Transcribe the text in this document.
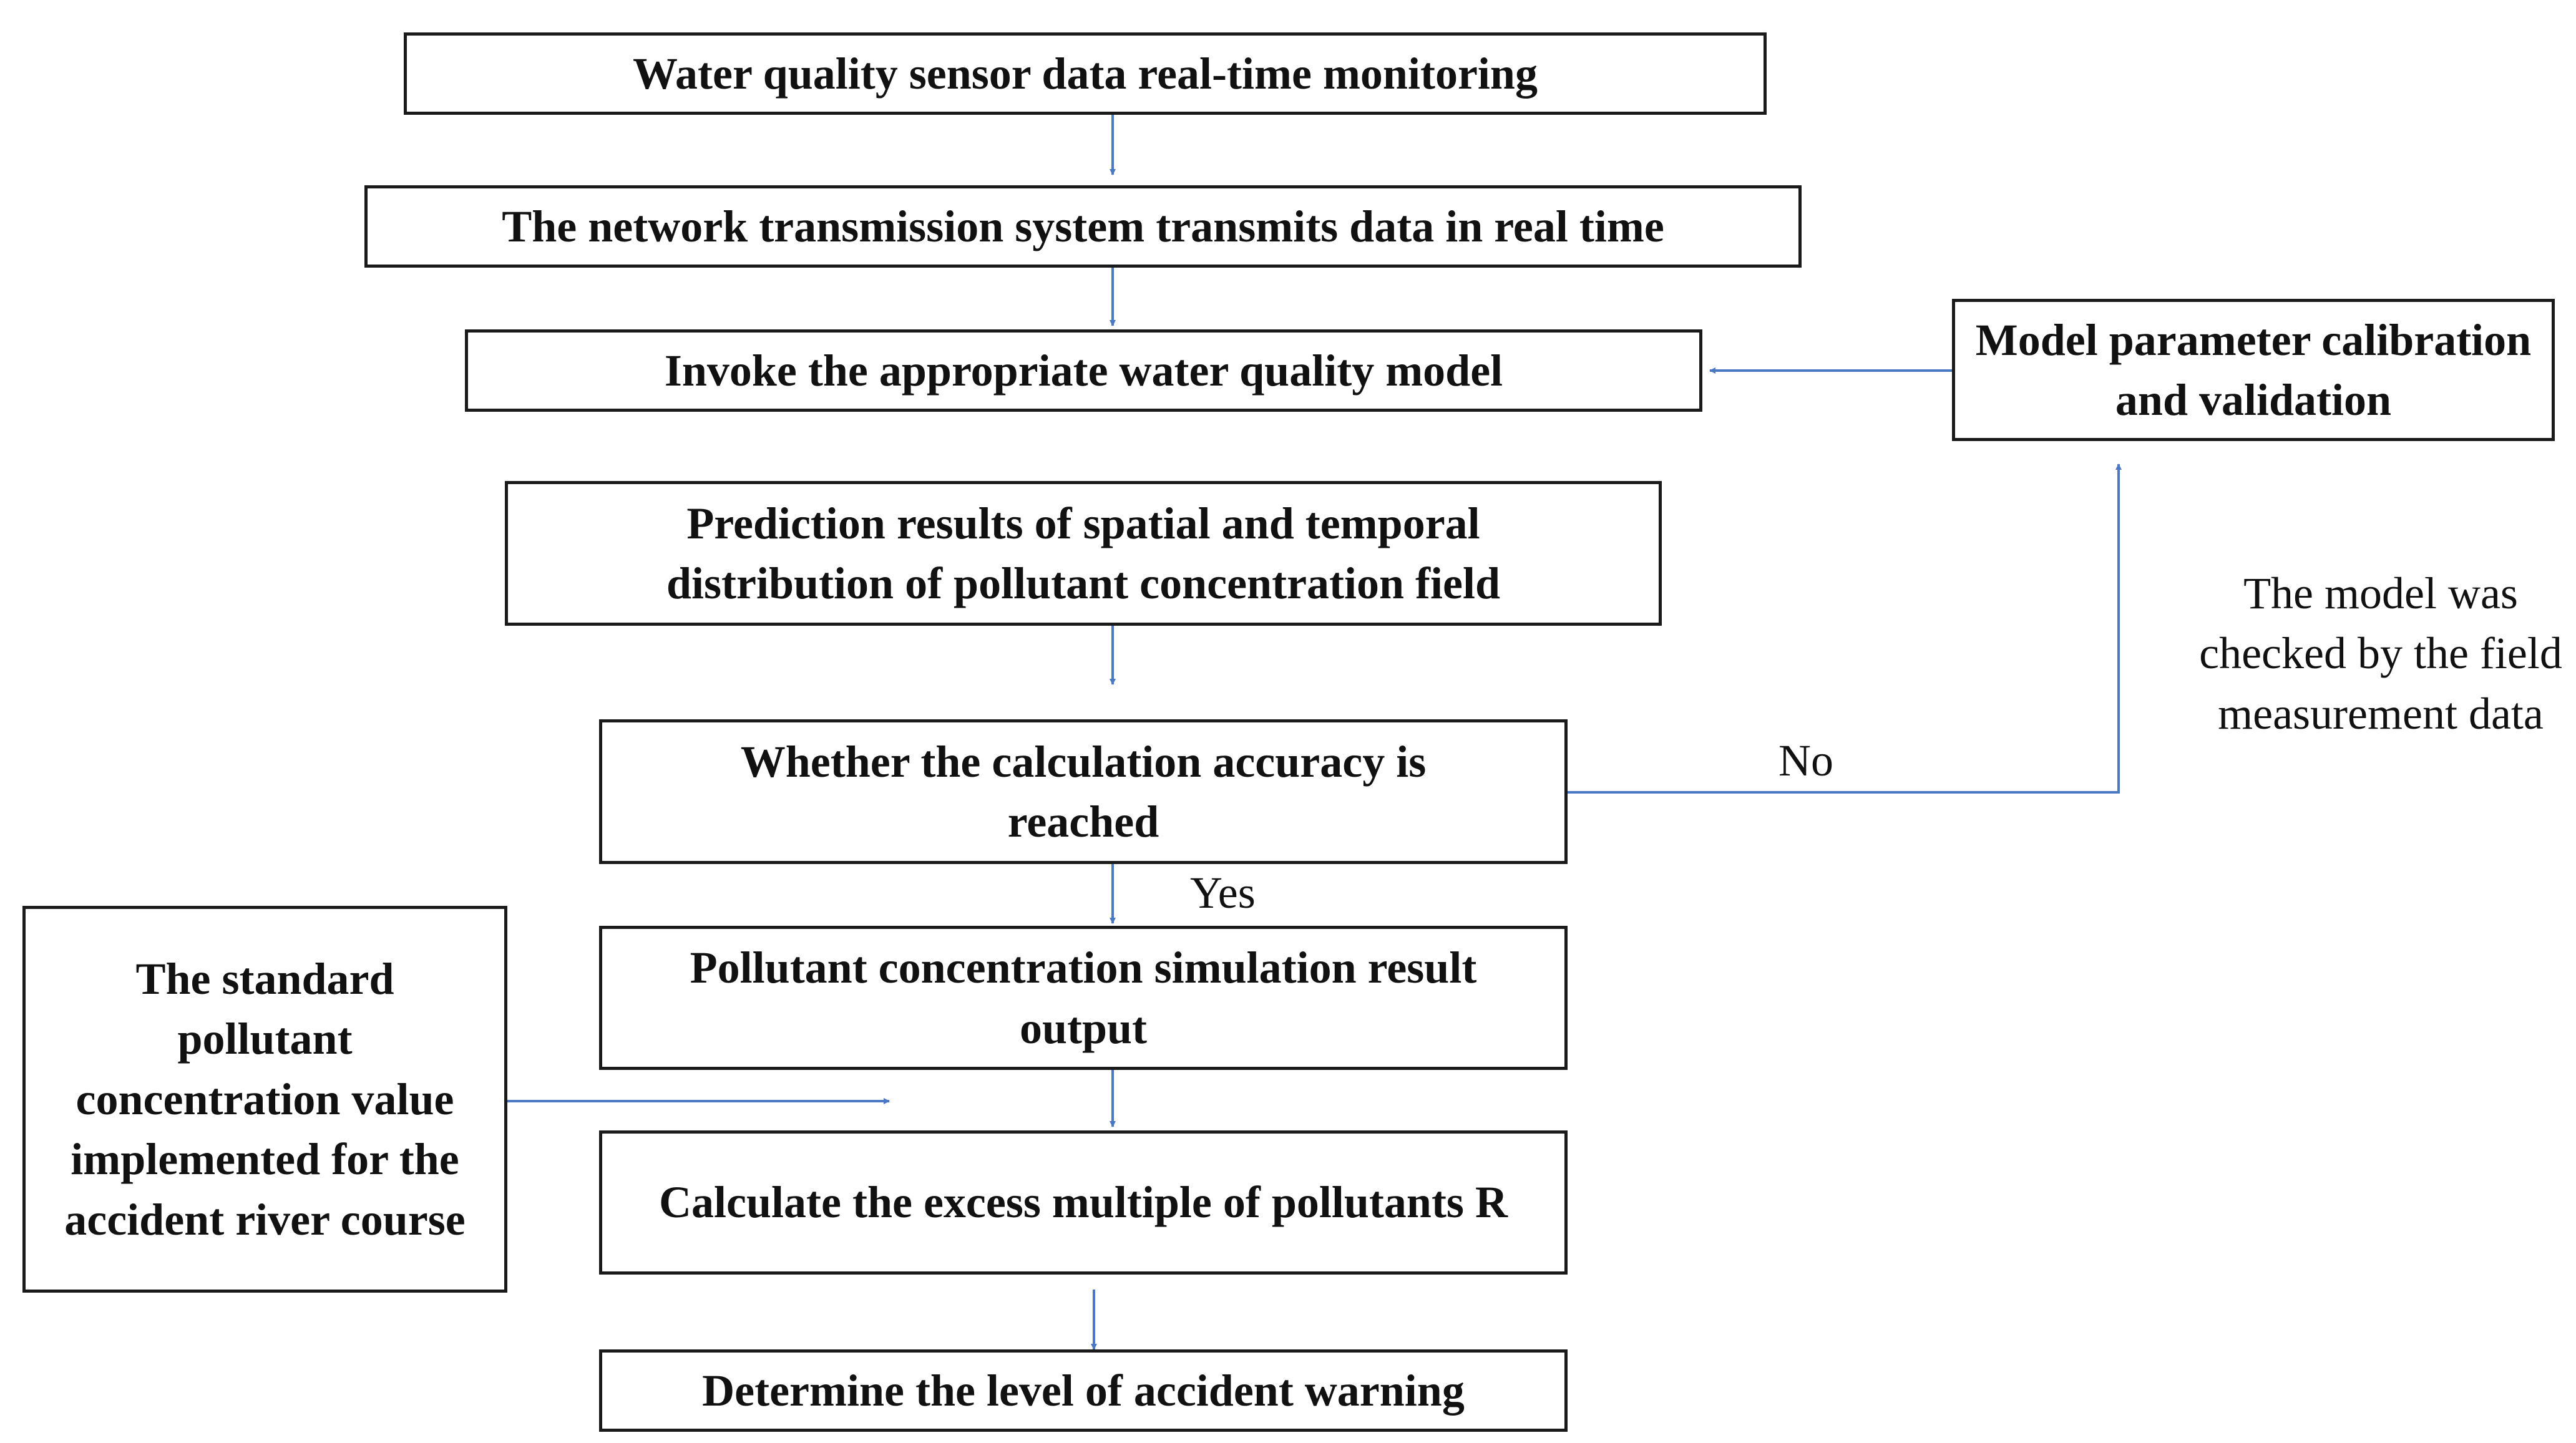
Water quality sensor data real-time monitoring
The network transmission system transmits data in real time
Invoke the appropriate water quality model
Prediction results of spatial and temporal distribution of pollutant concentration field
Whether the calculation accuracy is reached
Pollutant concentration simulation result output
Calculate the excess multiple of pollutants R
Determine the level of accident warning
Model parameter calibration and validation
The standard pollutant concentration value implemented for the accident river course
The model was checked by the field measurement data
No
Yes
